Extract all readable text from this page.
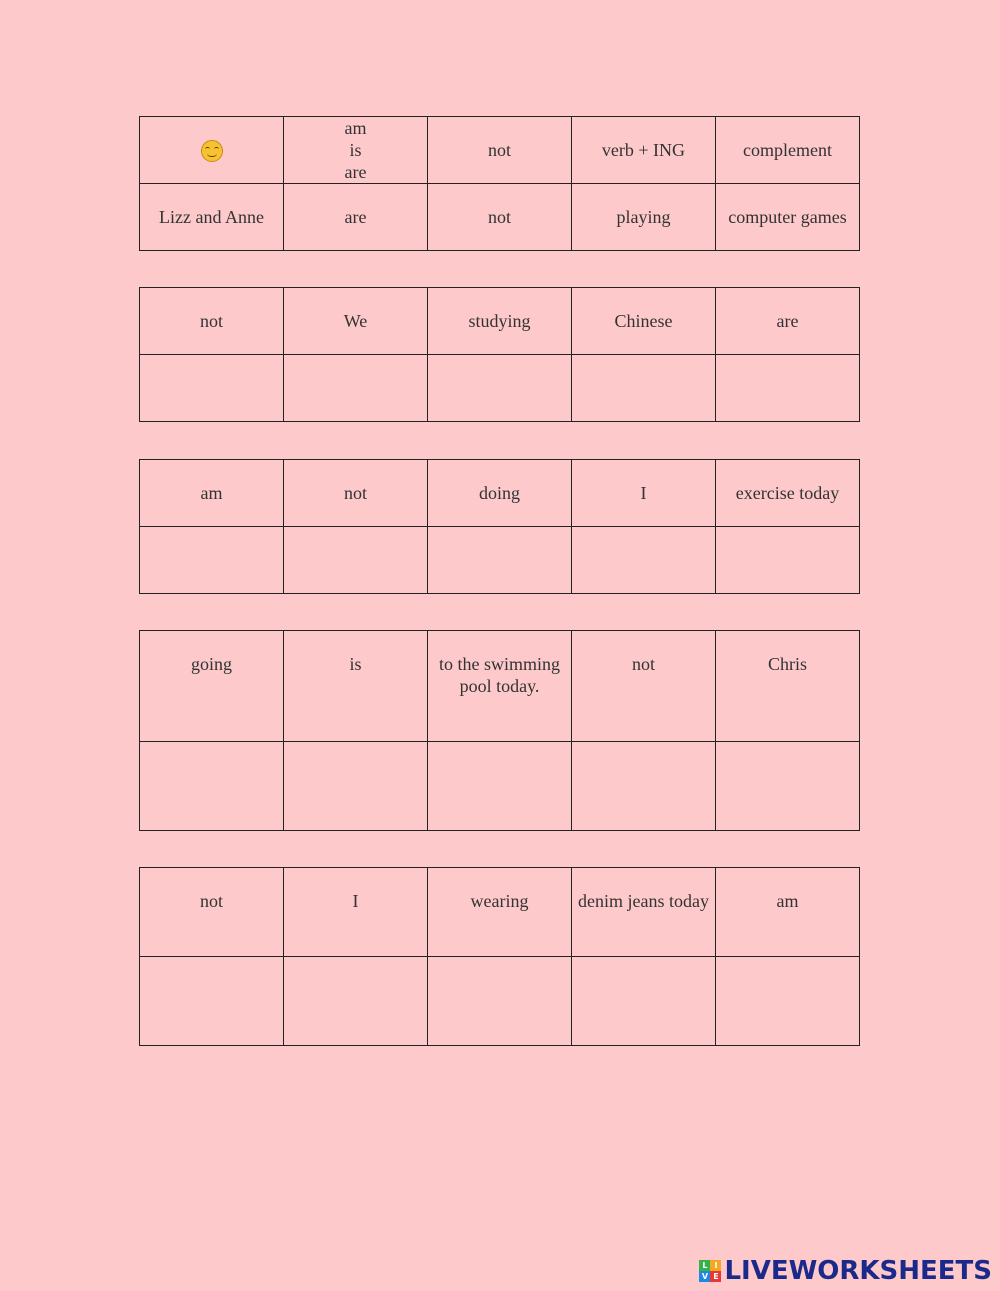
	am
is
are	not	verb + ING	complement
Lizz and Anne	are	not	playing	computer games
not	We	studying	Chinese	are

am	not	doing	I	exercise today

going	is	to the swimming pool today.	not	Chris

not	I	wearing	denim jeans today	am

L I
V E LIVEWORKSHEETS
